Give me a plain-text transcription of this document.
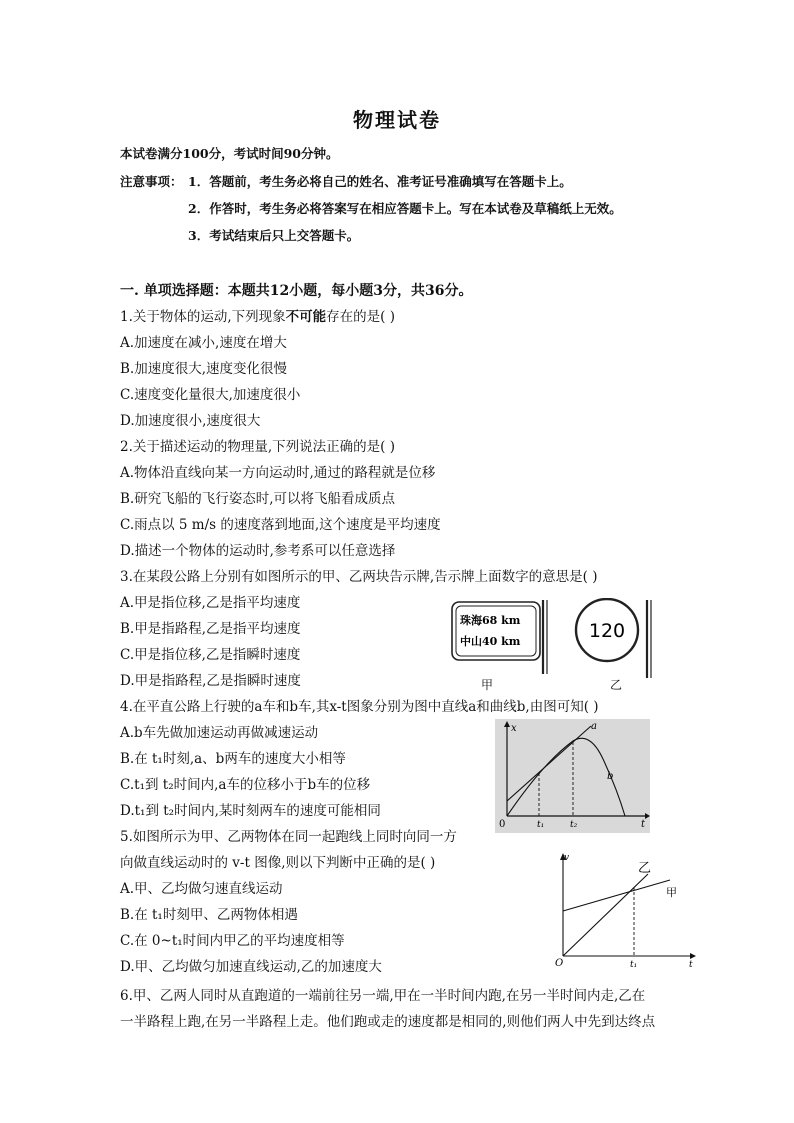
物理试卷
本试卷满分100分，考试时间90分钟。
注意事项： 1．答题前，考生务必将自己的姓名、准考证号准确填写在答题卡上。
2．作答时，考生务必将答案写在相应答题卡上。写在本试卷及草稿纸上无效。
3．考试结束后只上交答题卡。
一. 单项选择题：本题共12小题，每小题3分，共36分。
1.关于物体的运动,下列现象不可能存在的是( )
A.加速度在减小,速度在增大
B.加速度很大,速度变化很慢
C.速度变化量很大,加速度很小
D.加速度很小,速度很大
2.关于描述运动的物理量,下列说法正确的是( )
A.物体沿直线向某一方向运动时,通过的路程就是位移
B.研究飞船的飞行姿态时,可以将飞船看成质点
C.雨点以 5 m/s 的速度落到地面,这个速度是平均速度
D.描述一个物体的运动时,参考系可以任意选择
3.在某段公路上分别有如图所示的甲、乙两块告示牌,告示牌上面数字的意思是( )
A.甲是指位移,乙是指平均速度
B.甲是指路程,乙是指平均速度
C.甲是指位移,乙是指瞬时速度
D.甲是指路程,乙是指瞬时速度
珠海68 km
中山40 km	120
甲	乙
4.在平直公路上行驶的a车和b车,其x-t图象分别为图中直线a和曲线b,由图可知( )
A.b车先做加速运动再做减速运动
B.在 t₁时刻,a、b两车的速度大小相等
C.t₁到 t₂时间内,a车的位移小于b车的位移
D.t₁到 t₂时间内,某时刻两车的速度可能相同
x
t
0	t₁	t₂
a
b
5.如图所示为甲、乙两物体在同一起跑线上同时向同一方
向做直线运动时的 v-t 图像,则以下判断中正确的是( )
A.甲、乙均做匀速直线运动
B.在 t₁时刻甲、乙两物体相遇
C.在 0~t₁时间内甲乙的平均速度相等
D.甲、乙均做匀加速直线运动,乙的加速度大
v
t
O	t₁
乙
甲
6.甲、乙两人同时从直跑道的一端前往另一端,甲在一半时间内跑,在另一半时间内走,乙在
一半路程上跑,在另一半路程上走。他们跑或走的速度都是相同的,则他们两人中先到达终点
